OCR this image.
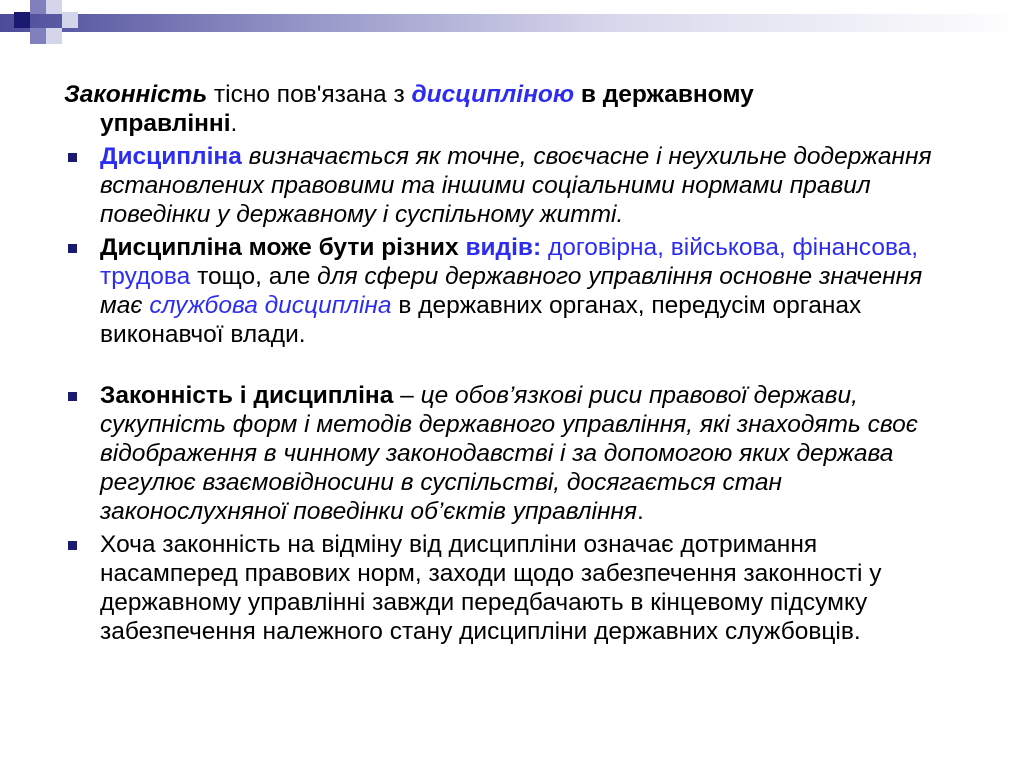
Законність тісно пов'язана з дисципліною в державному
управлінні.

Дисципліна визначається як точне, своєчасне і неухильне додержання встановлених правовими та іншими соціальними нормами правил поведінки у державному і суспільному житті.
Дисципліна може бути різних видів: договірна, військова, фінансова, трудова тощо, але для сфери державного управління основне значення має службова дисципліна в державних органах, передусім органах виконавчої влади.
Законність і дисципліна – це обов’язкові риси правової держави, сукупність форм і методів державного управління, які знаходять своє відображення в чинному законодавстві і за допомогою яких держава регулює взаємовідносини в суспільстві, досягається стан законослухняної поведінки об’єктів управління.
Хоча законність на відміну від дисципліни означає дотримання насамперед правових норм, заходи щодо забезпечення законності у державному управлінні завжди передбачають в кінцевому підсумку забезпечення належного стану дисципліни державних службовців.
